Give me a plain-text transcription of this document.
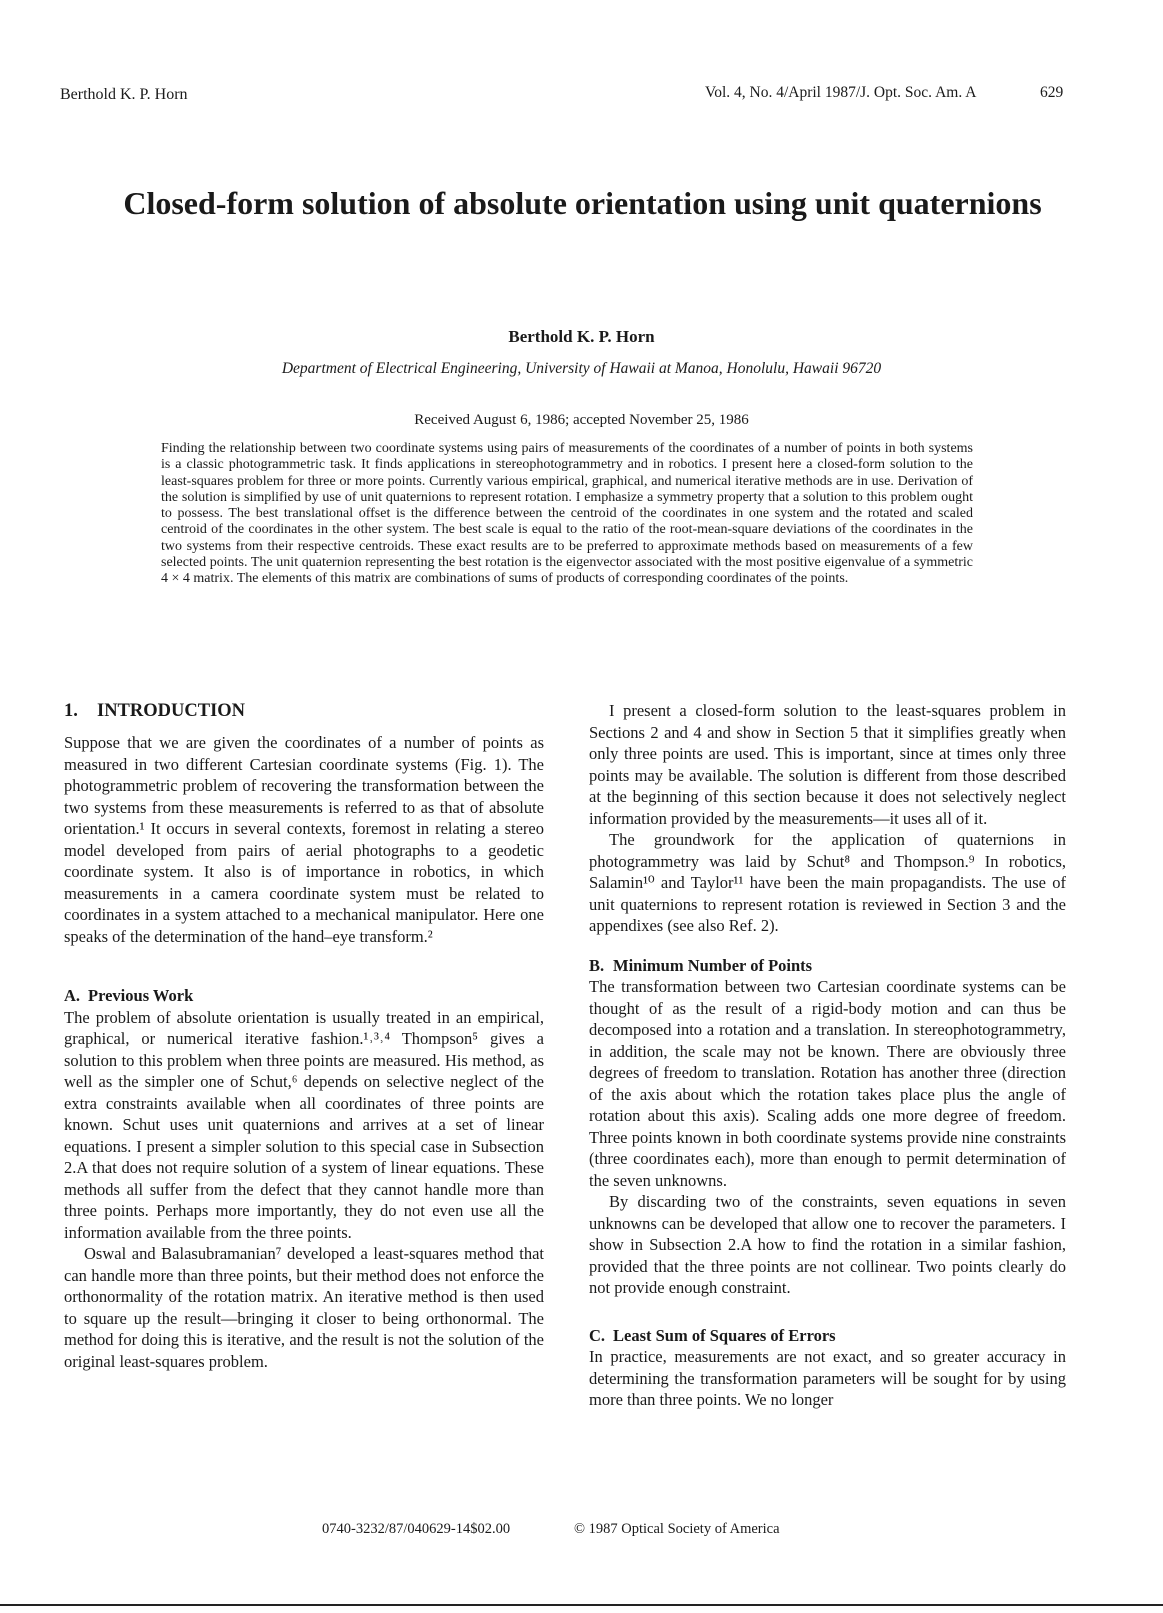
Berthold K. P. Horn	Vol. 4, No. 4/April 1987/J. Opt. Soc. Am. A	629
Closed-form solution of absolute orientation using unit quaternions
Berthold K. P. Horn
Department of Electrical Engineering, University of Hawaii at Manoa, Honolulu, Hawaii 96720
Received August 6, 1986; accepted November 25, 1986

Finding the relationship between two coordinate systems using pairs of measurements of the coordinates of a number of points in both systems is a classic photogrammetric task. It finds applications in stereophotogrammetry and in robotics. I present here a closed-form solution to the least-squares problem for three or more points. Currently various empirical, graphical, and numerical iterative methods are in use. Derivation of the solution is simplified by use of unit quaternions to represent rotation. I emphasize a symmetry property that a solution to this problem ought to possess. The best translational offset is the difference between the centroid of the coordinates in one system and the rotated and scaled centroid of the coordinates in the other system. The best scale is equal to the ratio of the root-mean-square deviations of the coordinates in the two systems from their respective centroids. These exact results are to be preferred to approximate methods based on measurements of a few selected points. The unit quaternion representing the best rotation is the eigenvector associated with the most positive eigenvalue of a symmetric 4 × 4 matrix. The elements of this matrix are combinations of sums of products of corresponding coordinates of the points.

1. INTRODUCTION

Suppose that we are given the coordinates of a number of points as measured in two different Cartesian coordinate systems (Fig. 1). The photogrammetric problem of recovering the transformation between the two systems from these measurements is referred to as that of absolute orientation.¹ It occurs in several contexts, foremost in relating a stereo model developed from pairs of aerial photographs to a geodetic coordinate system. It also is of importance in robotics, in which measurements in a camera coordinate system must be related to coordinates in a system attached to a mechanical manipulator. Here one speaks of the determination of the hand–eye transform.²

A. Previous Work

The problem of absolute orientation is usually treated in an empirical, graphical, or numerical iterative fashion.¹˒³˒⁴ Thompson⁵ gives a solution to this problem when three points are measured. His method, as well as the simpler one of Schut,⁶ depends on selective neglect of the extra constraints available when all coordinates of three points are known. Schut uses unit quaternions and arrives at a set of linear equations. I present a simpler solution to this special case in Subsection 2.A that does not require solution of a system of linear equations. These methods all suffer from the defect that they cannot handle more than three points. Perhaps more importantly, they do not even use all the information available from the three points.

Oswal and Balasubramanian⁷ developed a least-squares method that can handle more than three points, but their method does not enforce the orthonormality of the rotation matrix. An iterative method is then used to square up the result—bringing it closer to being orthonormal. The method for doing this is iterative, and the result is not the solution of the original least-squares problem.

I present a closed-form solution to the least-squares problem in Sections 2 and 4 and show in Section 5 that it simplifies greatly when only three points are used. This is important, since at times only three points may be available. The solution is different from those described at the beginning of this section because it does not selectively neglect information provided by the measurements—it uses all of it.

The groundwork for the application of quaternions in photogrammetry was laid by Schut⁸ and Thompson.⁹ In robotics, Salamin¹⁰ and Taylor¹¹ have been the main propagandists. The use of unit quaternions to represent rotation is reviewed in Section 3 and the appendixes (see also Ref. 2).

B. Minimum Number of Points

The transformation between two Cartesian coordinate systems can be thought of as the result of a rigid-body motion and can thus be decomposed into a rotation and a translation. In stereophotogrammetry, in addition, the scale may not be known. There are obviously three degrees of freedom to translation. Rotation has another three (direction of the axis about which the rotation takes place plus the angle of rotation about this axis). Scaling adds one more degree of freedom. Three points known in both coordinate systems provide nine constraints (three coordinates each), more than enough to permit determination of the seven unknowns.

By discarding two of the constraints, seven equations in seven unknowns can be developed that allow one to recover the parameters. I show in Subsection 2.A how to find the rotation in a similar fashion, provided that the three points are not collinear. Two points clearly do not provide enough constraint.

C. Least Sum of Squares of Errors

In practice, measurements are not exact, and so greater accuracy in determining the transformation parameters will be sought for by using more than three points. We no longer

0740-3232/87/040629-14$02.00	© 1987 Optical Society of America
